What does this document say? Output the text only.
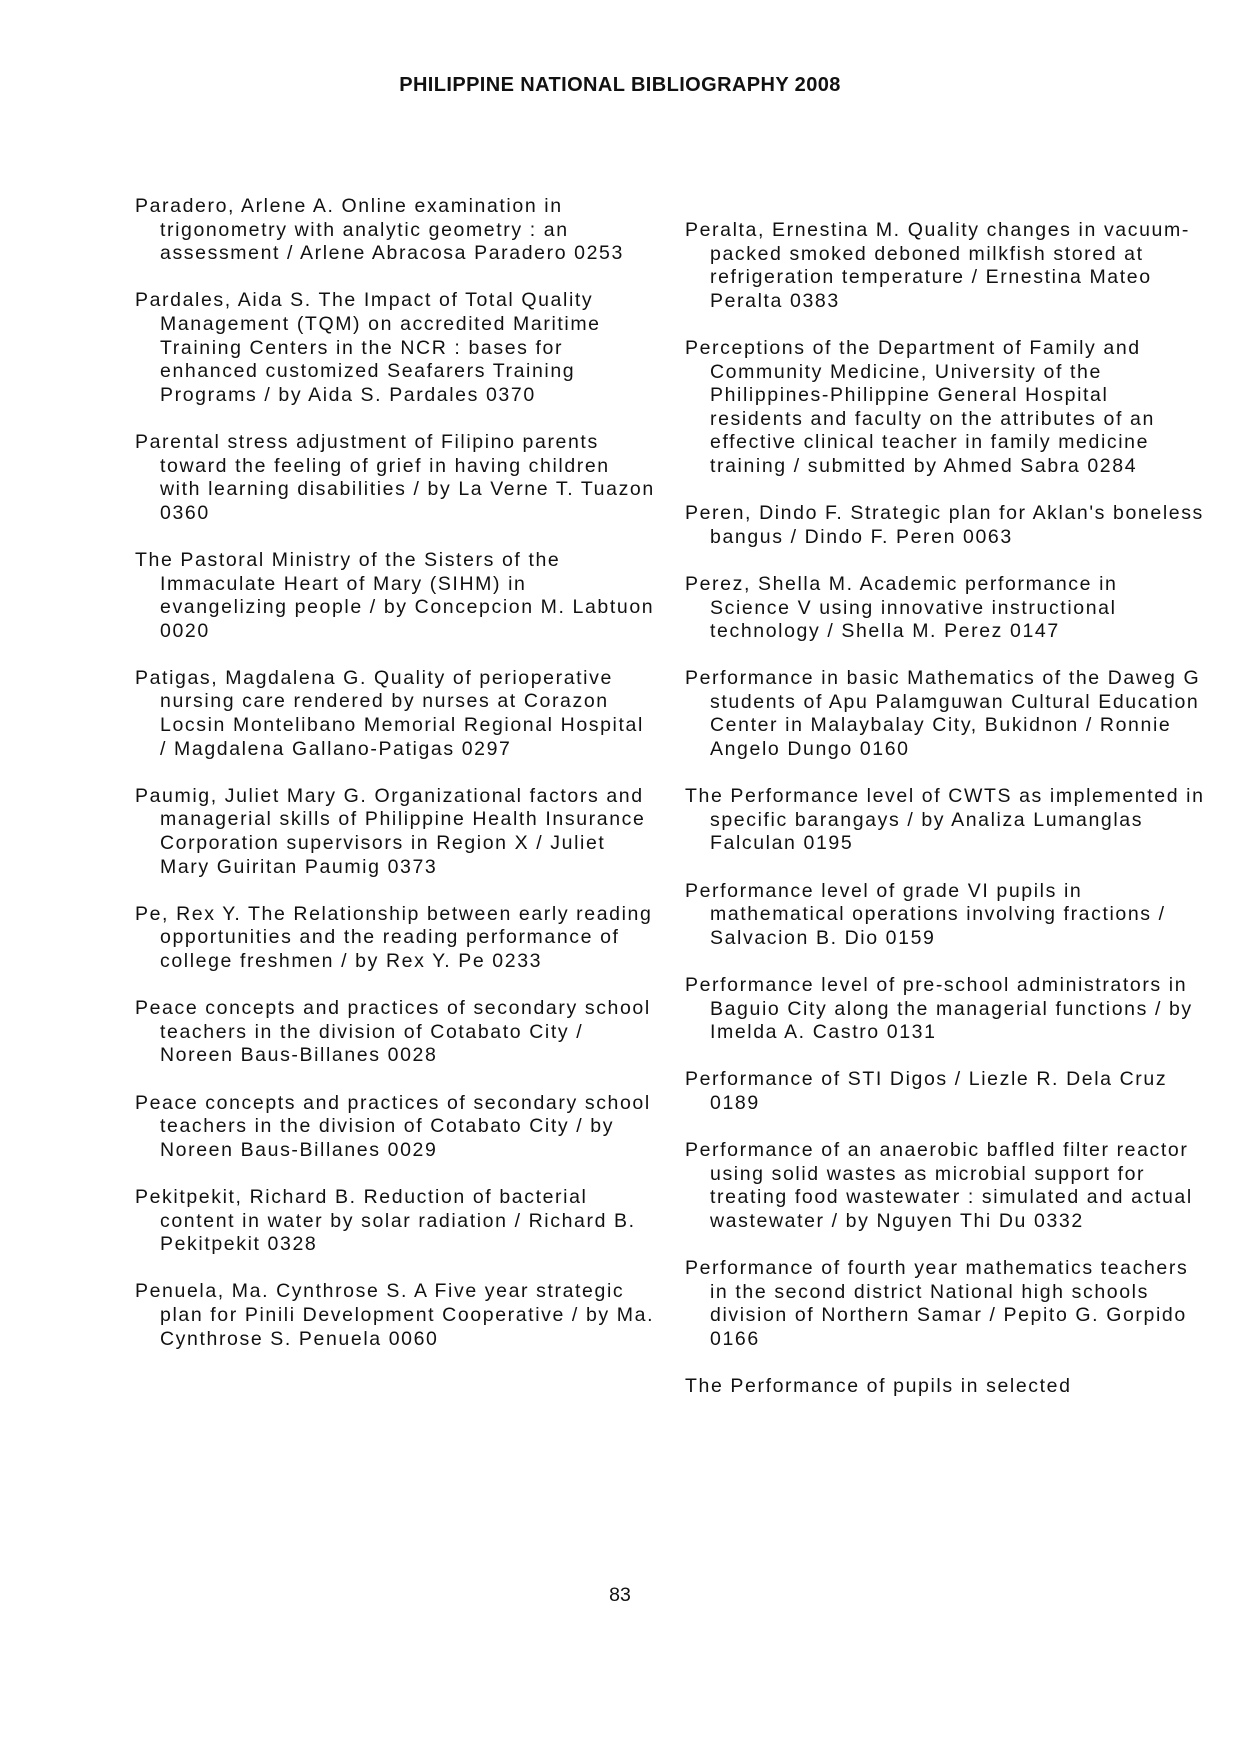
PHILIPPINE NATIONAL BIBLIOGRAPHY 2008

Paradero, Arlene A. Online examination in trigonometry with analytic geometry : an assessment / Arlene Abracosa Paradero 0253

Pardales, Aida S. The Impact of Total Quality Management (TQM) on accredited Maritime Training Centers in the NCR : bases for enhanced customized Seafarers Training Programs / by Aida S. Pardales 0370

Parental stress adjustment of Filipino parents toward the feeling of grief in having children with learning disabilities / by La Verne T. Tuazon 0360

The Pastoral Ministry of the Sisters of the Immaculate Heart of Mary (SIHM) in evangelizing people / by Concepcion M. Labtuon 0020

Patigas, Magdalena G. Quality of perioperative nursing care rendered by nurses at Corazon Locsin Montelibano Memorial Regional Hospital / Magdalena Gallano-Patigas 0297

Paumig, Juliet Mary G. Organizational factors and managerial skills of Philippine Health Insurance Corporation supervisors in Region X / Juliet Mary Guiritan Paumig 0373

Pe, Rex Y. The Relationship between early reading opportunities and the reading performance of college freshmen / by Rex Y. Pe 0233

Peace concepts and practices of secondary school teachers in the division of Cotabato City / Noreen Baus-Billanes 0028

Peace concepts and practices of secondary school teachers in the division of Cotabato City / by Noreen Baus-Billanes 0029

Pekitpekit, Richard B. Reduction of bacterial content in water by solar radiation / Richard B. Pekitpekit 0328

Penuela, Ma. Cynthrose S. A Five year strategic plan for Pinili Development Cooperative / by Ma. Cynthrose S. Penuela 0060

Peralta, Ernestina M. Quality changes in vacuum-packed smoked deboned milkfish stored at refrigeration temperature / Ernestina Mateo Peralta 0383

Perceptions of the Department of Family and Community Medicine, University of the Philippines-Philippine General Hospital residents and faculty on the attributes of an effective clinical teacher in family medicine training / submitted by Ahmed Sabra 0284

Peren, Dindo F. Strategic plan for Aklan's boneless bangus / Dindo F. Peren 0063

Perez, Shella M. Academic performance in Science V using innovative instructional technology / Shella M. Perez 0147

Performance in basic Mathematics of the Daweg G students of Apu Palamguwan Cultural Education Center in Malaybalay City, Bukidnon / Ronnie Angelo Dungo 0160

The Performance level of CWTS as implemented in specific barangays / by Analiza Lumanglas Falculan 0195

Performance level of grade VI pupils in mathematical operations involving fractions / Salvacion B. Dio 0159

Performance level of pre-school administrators in Baguio City along the managerial functions / by Imelda A. Castro 0131

Performance of STI Digos / Liezle R. Dela Cruz 0189

Performance of an anaerobic baffled filter reactor using solid wastes as microbial support for treating food wastewater : simulated and actual wastewater / by Nguyen Thi Du 0332

Performance of fourth year mathematics teachers in the second district National high schools division of Northern Samar / Pepito G. Gorpido 0166

The Performance of pupils in selected

83
